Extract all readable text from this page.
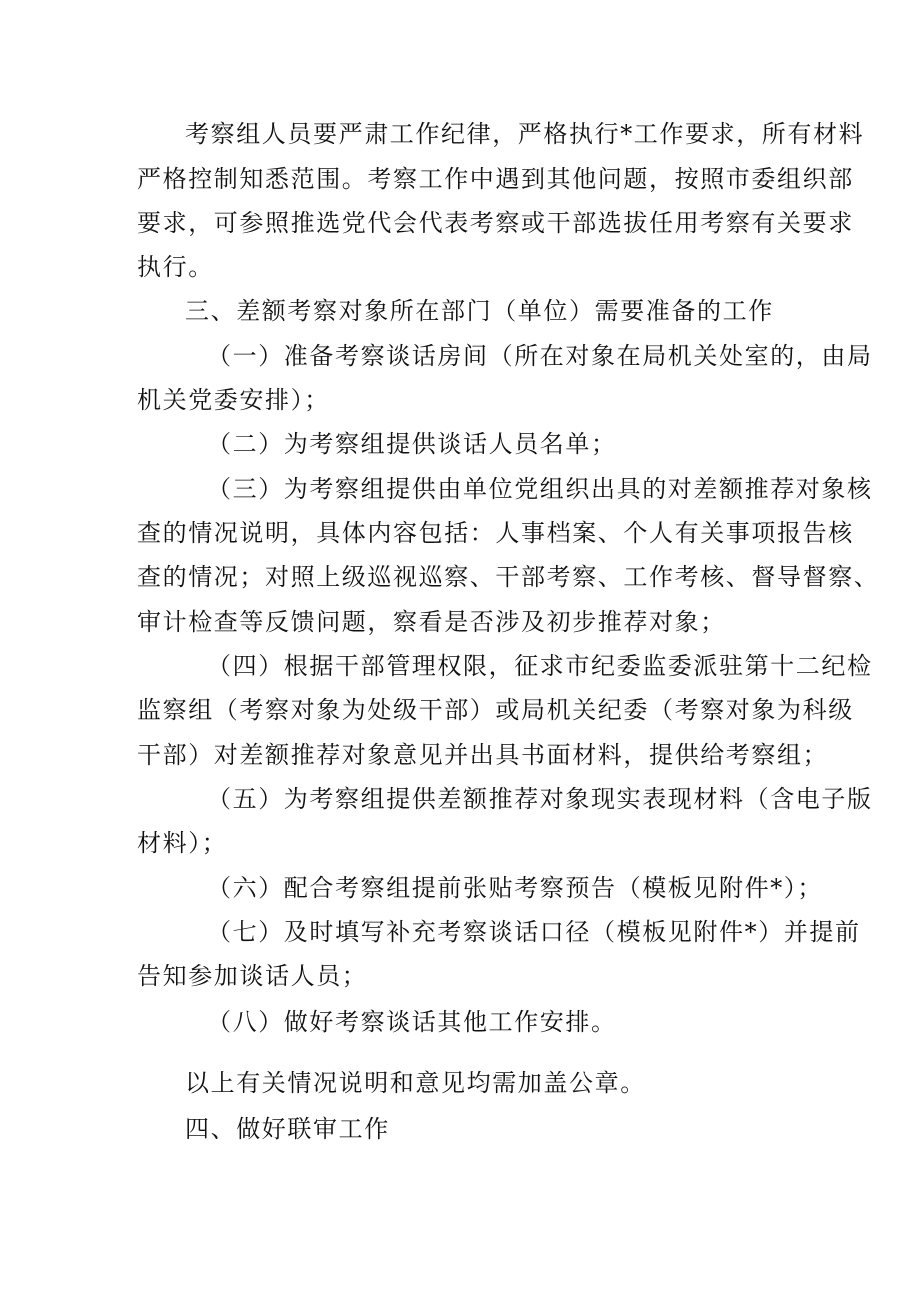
考察组人员要严肃工作纪律，严格执行*工作要求，所有材料
严格控制知悉范围。考察工作中遇到其他问题，按照市委组织部
要求，可参照推选党代会代表考察或干部选拔任用考察有关要求
执行。
三、差额考察对象所在部门（单位）需要准备的工作
（一）准备考察谈话房间（所在对象在局机关处室的，由局
机关党委安排）；
（二）为考察组提供谈话人员名单；
（三）为考察组提供由单位党组织出具的对差额推荐对象核
查的情况说明，具体内容包括：人事档案、个人有关事项报告核
查的情况；对照上级巡视巡察、干部考察、工作考核、督导督察、
审计检查等反馈问题，察看是否涉及初步推荐对象；
（四）根据干部管理权限，征求市纪委监委派驻第十二纪检
监察组（考察对象为处级干部）或局机关纪委（考察对象为科级
干部）对差额推荐对象意见并出具书面材料，提供给考察组；
（五）为考察组提供差额推荐对象现实表现材料（含电子版
材料）；
（六）配合考察组提前张贴考察预告（模板见附件*）；
（七）及时填写补充考察谈话口径（模板见附件*）并提前
告知参加谈话人员；
（八）做好考察谈话其他工作安排。
以上有关情况说明和意见均需加盖公章。
四、做好联审工作
